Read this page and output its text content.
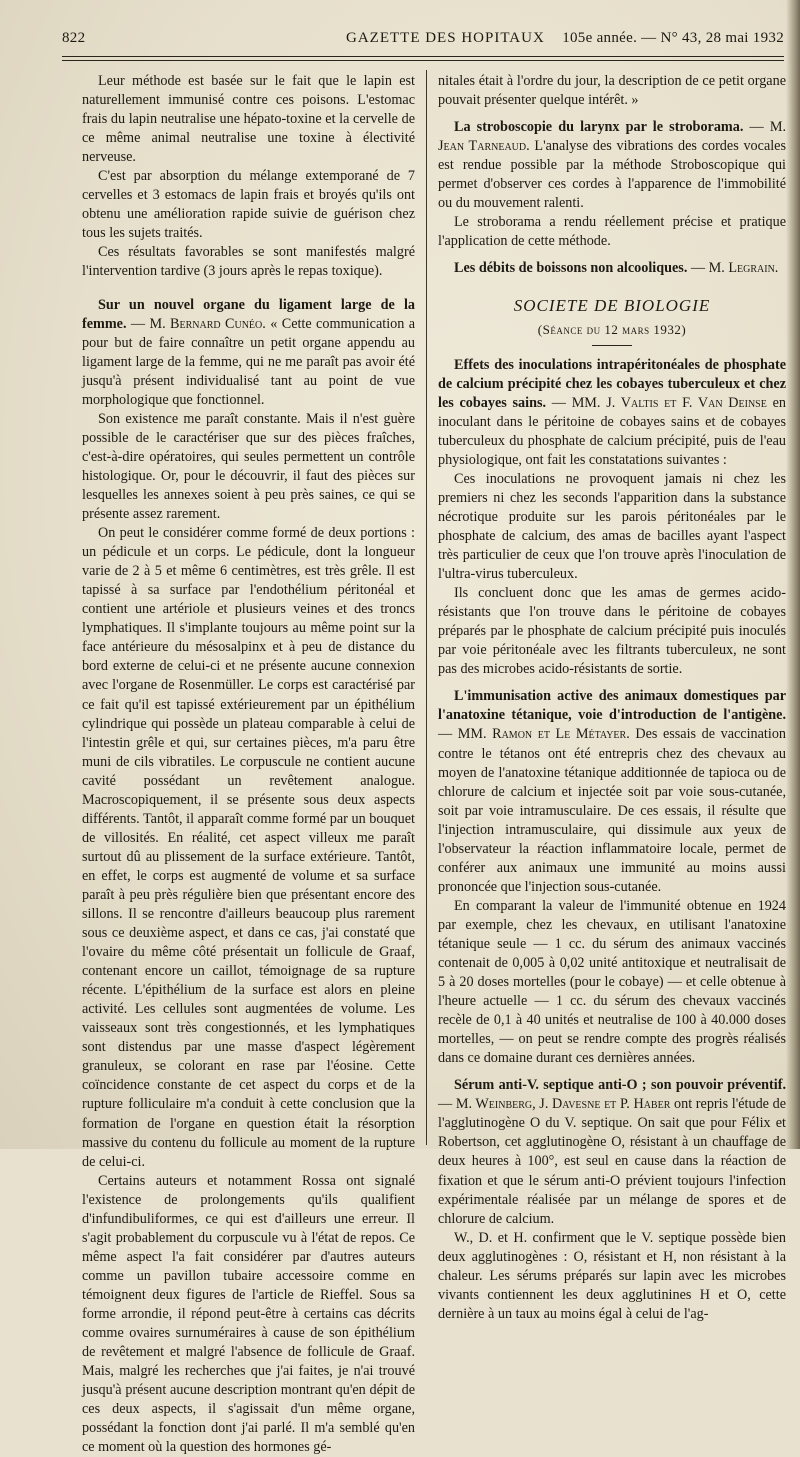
822	GAZETTE DES HOPITAUX 105e année. — N° 43, 28 mai 1932

Leur méthode est basée sur le fait que le lapin est naturellement immunisé contre ces poisons. L'estomac frais du lapin neutralise une hépato-toxine et la cervelle de ce même animal neutralise une toxine à électivité nerveuse.

C'est par absorption du mélange extemporané de 7 cervelles et 3 estomacs de lapin frais et broyés qu'ils ont obtenu une amélioration rapide suivie de guérison chez tous les sujets traités.

Ces résultats favorables se sont manifestés malgré l'intervention tardive (3 jours après le repas toxique).

Sur un nouvel organe du ligament large de la femme. — M. Bernard Cunéo. « Cette communication a pour but de faire connaître un petit organe appendu au ligament large de la femme, qui ne me paraît pas avoir été jusqu'à présent individualisé tant au point de vue morphologique que fonctionnel.

Son existence me paraît constante. Mais il n'est guère possible de le caractériser que sur des pièces fraîches, c'est-à-dire opératoires, qui seules permettent un contrôle histologique. Or, pour le découvrir, il faut des pièces sur lesquelles les annexes soient à peu près saines, ce qui se présente assez rarement.

On peut le considérer comme formé de deux portions : un pédicule et un corps. Le pédicule, dont la longueur varie de 2 à 5 et même 6 centimètres, est très grêle. Il est tapissé à sa surface par l'endothélium péritonéal et contient une artériole et plusieurs veines et des troncs lymphatiques. Il s'implante toujours au même point sur la face antérieure du mésosalpinx et à peu de distance du bord externe de celui-ci et ne présente aucune connexion avec l'organe de Rosenmüller. Le corps est caractérisé par ce fait qu'il est tapissé extérieurement par un épithélium cylindrique qui possède un plateau comparable à celui de l'intestin grêle et qui, sur certaines pièces, m'a paru être muni de cils vibratiles. Le corpuscule ne contient aucune cavité possédant un revêtement analogue. Macroscopiquement, il se présente sous deux aspects différents. Tantôt, il apparaît comme formé par un bouquet de villosités. En réalité, cet aspect villeux me paraît surtout dû au plissement de la surface extérieure. Tantôt, en effet, le corps est augmenté de volume et sa surface paraît à peu près régulière bien que présentant encore des sillons. Il se rencontre d'ailleurs beaucoup plus rarement sous ce deuxième aspect, et dans ce cas, j'ai constaté que l'ovaire du même côté présentait un follicule de Graaf, contenant encore un caillot, témoignage de sa rupture récente. L'épithélium de la surface est alors en pleine activité. Les cellules sont augmentées de volume. Les vaisseaux sont très congestionnés, et les lymphatiques sont distendus par une masse d'aspect légèrement granuleux, se colorant en rase par l'éosine. Cette coïncidence constante de cet aspect du corps et de la rupture folliculaire m'a conduit à cette conclusion que la formation de l'organe en question était la résorption massive du contenu du follicule au moment de la rupture de celui-ci.

Certains auteurs et notamment Rossa ont signalé l'existence de prolongements qu'ils qualifient d'infundibuliformes, ce qui est d'ailleurs une erreur. Il s'agit probablement du corpuscule vu à l'état de repos. Ce même aspect l'a fait considérer par d'autres auteurs comme un pavillon tubaire accessoire comme en témoignent deux figures de l'article de Rieffel. Sous sa forme arrondie, il répond peut-être à certains cas décrits comme ovaires surnuméraires à cause de son épithélium de revêtement et malgré l'absence de follicule de Graaf. Mais, malgré les recherches que j'ai faites, je n'ai trouvé jusqu'à présent aucune description montrant qu'en dépit de ces deux aspects, il s'agissait d'un même organe, possédant la fonction dont j'ai parlé. Il m'a semblé qu'en ce moment où la question des hormones gé-

nitales était à l'ordre du jour, la description de ce petit organe pouvait présenter quelque intérêt. »

La stroboscopie du larynx par le stroborama. — M. Jean Tarneaud. L'analyse des vibrations des cordes vocales est rendue possible par la méthode Stroboscopique qui permet d'observer ces cordes à l'apparence de l'immobilité ou du mouvement ralenti.

Le stroborama a rendu réellement précise et pratique l'application de cette méthode.

Les débits de boissons non alcooliques. — M. Legrain.

SOCIETE DE BIOLOGIE
(Séance du 12 mars 1932)

Effets des inoculations intrapéritonéales de phosphate de calcium précipité chez les cobayes tuberculeux et chez les cobayes sains. — MM. J. Valtis et F. Van Deinse en inoculant dans le péritoine de cobayes sains et de cobayes tuberculeux du phosphate de calcium précipité, puis de l'eau physiologique, ont fait les constatations suivantes :

Ces inoculations ne provoquent jamais ni chez les premiers ni chez les seconds l'apparition dans la substance nécrotique produite sur les parois péritonéales par le phosphate de calcium, des amas de bacilles ayant l'aspect très particulier de ceux que l'on trouve après l'inoculation de l'ultra-virus tuberculeux.

Ils concluent donc que les amas de germes acido-résistants que l'on trouve dans le péritoine de cobayes préparés par le phosphate de calcium précipité puis inoculés par voie péritonéale avec les filtrants tuberculeux, ne sont pas des microbes acido-résistants de sortie.

L'immunisation active des animaux domestiques par l'anatoxine tétanique, voie d'introduction de l'antigène. — MM. Ramon et Le Métayer. Des essais de vaccination contre le tétanos ont été entrepris chez des chevaux au moyen de l'anatoxine tétanique additionnée de tapioca ou de chlorure de calcium et injectée soit par voie sous-cutanée, soit par voie intramusculaire. De ces essais, il résulte que l'injection intramusculaire, qui dissimule aux yeux de l'observateur la réaction inflammatoire locale, permet de conférer aux animaux une immunité au moins aussi prononcée que l'injection sous-cutanée.

En comparant la valeur de l'immunité obtenue en 1924 par exemple, chez les chevaux, en utilisant l'anatoxine tétanique seule — 1 cc. du sérum des animaux vaccinés contenait de 0,005 à 0,02 unité antitoxique et neutralisait de 5 à 20 doses mortelles (pour le cobaye) — et celle obtenue à l'heure actuelle — 1 cc. du sérum des chevaux vaccinés recèle de 0,1 à 40 unités et neutralise de 100 à 40.000 doses mortelles, — on peut se rendre compte des progrès réalisés dans ce domaine durant ces dernières années.

Sérum anti-V. septique anti-O ; son pouvoir préventif. — M. Weinberg, J. Davesne et P. Haber ont repris l'étude de l'agglutinogène O du V. septique. On sait que pour Félix et Robertson, cet agglutinogène O, résistant à un chauffage de deux heures à 100°, est seul en cause dans la réaction de fixation et que le sérum anti-O prévient toujours l'infection expérimentale réalisée par un mélange de spores et de chlorure de calcium.

W., D. et H. confirment que le V. septique possède bien deux agglutinogènes : O, résistant et H, non résistant à la chaleur. Les sérums préparés sur lapin avec les microbes vivants contiennent les deux agglutinines H et O, cette dernière à un taux au moins égal à celui de l'ag-
